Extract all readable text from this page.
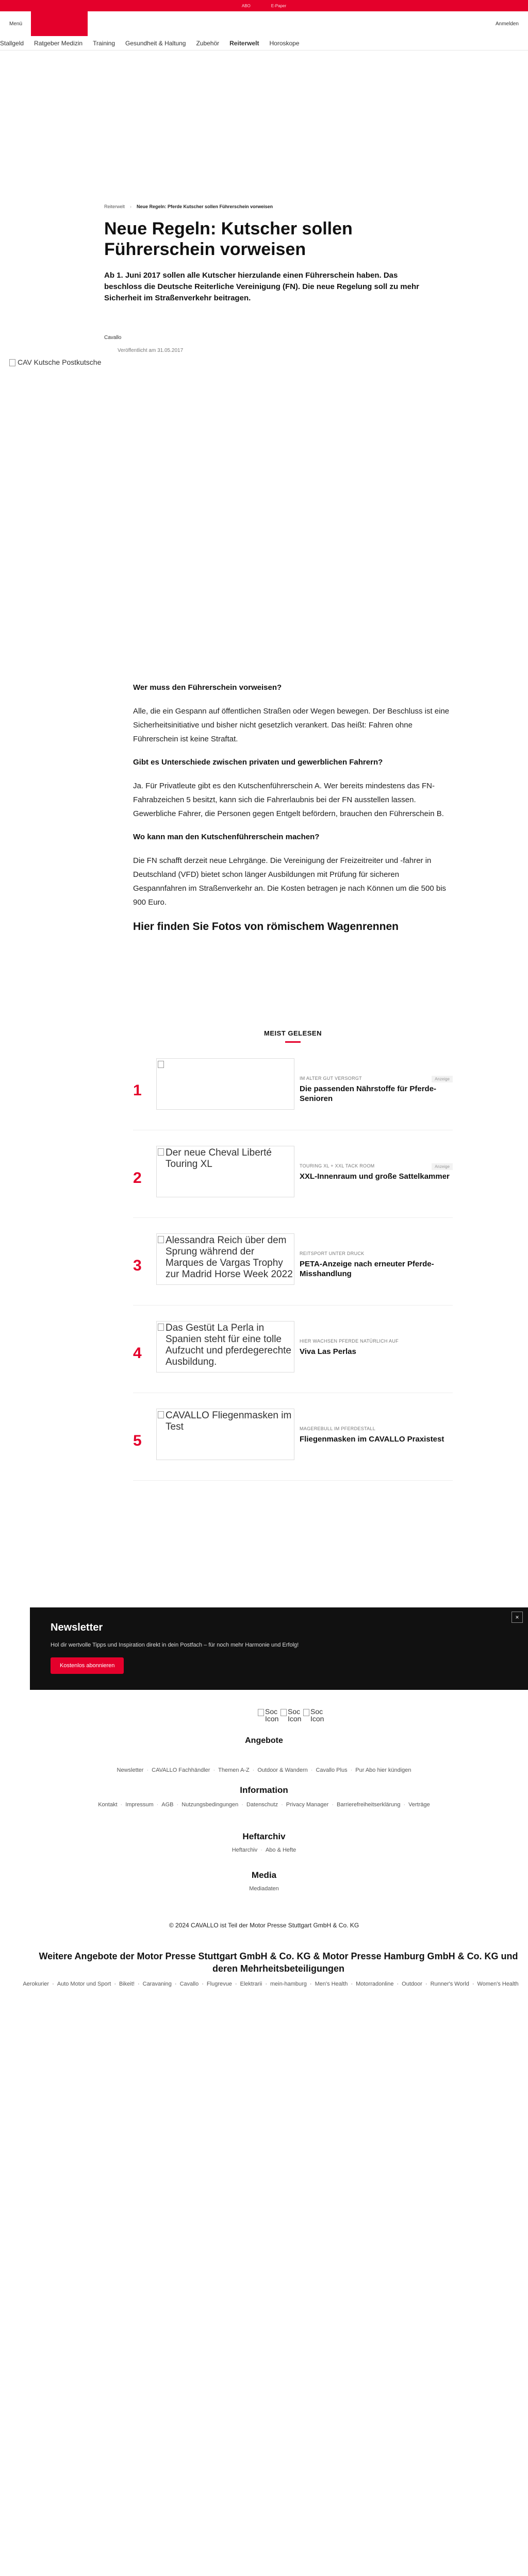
ABO	E-Paper
Menü	Anmelden
Stallgeld Ratgeber Medizin Training Gesundheit & Haltung Zubehör Reiterwelt Horoskope
Reiterwelt › Neue Regeln: Pferde Kutscher sollen Führerschein vorweisen
Neue Regeln: Kutscher sollen Führerschein vorweisen

Ab 1. Juni 2017 sollen alle Kutscher hierzulande einen Führerschein haben. Das beschloss die Deutsche Reiterliche Vereinigung (FN). Die neue Regelung soll zu mehr Sicherheit im Straßenverkehr beitragen.

Cavallo
Veröffentlicht am 31.05.2017
CAV Kutsche Postkutsche
Wer muss den Führerschein vorweisen?

Alle, die ein Gespann auf öffentlichen Straßen oder Wegen bewegen. Der Beschluss ist eine Sicherheitsinitiative und bisher nicht gesetzlich verankert. Das heißt: Fahren ohne Führerschein ist keine Straftat.

Gibt es Unterschiede zwischen privaten und gewerblichen Fahrern?

Ja. Für Privatleute gibt es den Kutschenführerschein A. Wer bereits mindestens das FN-Fahrabzeichen 5 besitzt, kann sich die Fahrerlaubnis bei der FN ausstellen lassen. Gewerbliche Fahrer, die Personen gegen Entgelt befördern, brauchen den Führerschein B.

Wo kann man den Kutschenführerschein machen?

Die FN schafft derzeit neue Lehrgänge. Die Vereinigung der Freizeitreiter und -fahrer in Deutschland (VFD) bietet schon länger Ausbildungen mit Prüfung für sicheren Gespannfahren im Straßenverkehr an. Die Kosten betragen je nach Können um die 500 bis 900 Euro.

Hier finden Sie Fotos von römischem Wagenrennen
MEIST GELESEN
1
IM ALTER GUT VERSORGT
Die passenden Nährstoffe für Pferde-Senioren
Anzeige
2
Der neue Cheval Liberté Touring XL	TOURING XL + XXL TACK ROOM
XXL-Innenraum und große Sattelkammer
Anzeige
3
Alessandra Reich über dem Sprung während der Marques de Vargas Trophy zur Madrid Horse Week 2022
REITSPORT UNTER DRUCK
PETA-Anzeige nach erneuter Pferde-Misshandlung
4
Das Gestüt La Perla in Spanien steht für eine tolle Aufzucht und pferdegerechte Ausbildung.
HIER WACHSEN PFERDE NATÜRLICH AUF
Viva Las Perlas
5
CAVALLO Fliegenmasken im Test	MAGEREBULL IM PFERDESTALL
Fliegenmasken im CAVALLO Praxistest
Newsletter

Hol dir wertvolle Tipps und Inspiration direkt in dein Postfach – für noch mehr Harmonie und Erfolg!

Kostenlos abonnieren
×
Soc Icon
Soc Icon
Soc Icon
Angebote
Newsletter · CAVALLO Fachhändler · Themen A-Z · Outdoor & Wandern · Cavallo Plus · Pur Abo hier kündigen
Information
Kontakt · Impressum · AGB · Nutzungsbedingungen · Datenschutz · Privacy Manager · Barrierefreiheitserklärung · Verträge
Heftarchiv
Heftarchiv · Abo & Hefte
Media
Mediadaten
© 2024 CAVALLO ist Teil der Motor Presse Stuttgart GmbH & Co. KG
Weitere Angebote der Motor Presse Stuttgart GmbH & Co. KG & Motor Presse Hamburg GmbH & Co. KG und deren Mehrheitsbeteiligungen
Aerokurier · Auto Motor und Sport · Bikeit! · Caravaning · Cavallo · Flugrevue · Elektrarii · mein-hamburg · Men's Health · Motorradonline · Outdoor · Runner's World · Women's Health
